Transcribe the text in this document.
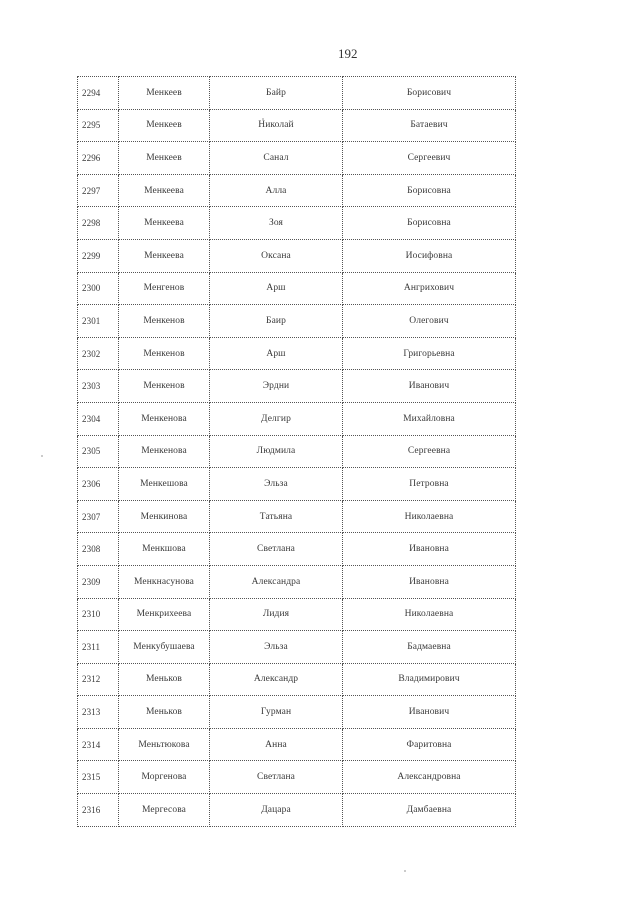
192
2294	Менкеев	Байр	Борисович
2295	Менкеев	Николай	Батаевич
2296	Менкеев	Санал	Сергеевич
2297	Менкеева	Алла	Борисовна
2298	Менкеева	Зоя	Борисовна
2299	Менкеева	Оксана	Иосифовна
2300	Менгенов	Арш	Ангрихович
2301	Менкенов	Баир	Олегович
2302	Менкенов	Арш	Григорьевна
2303	Менкенов	Эрдни	Иванович
2304	Менкенова	Делгир	Михайловна
2305	Менкенова	Людмила	Сергеевна
2306	Менкешова	Эльза	Петровна
2307	Менкинова	Татьяна	Николаевна
2308	Менкшова	Светлана	Ивановна
2309	Менкнасунова	Александра	Ивановна
2310	Менкрихеева	Лидия	Николаевна
2311	Менкубушаева	Эльза	Бадмаевна
2312	Меньков	Александр	Владимирович
2313	Меньков	Гурман	Иванович
2314	Меньтюкова	Анна	Фаритовна
2315	Моргенова	Светлана	Александровна
2316	Мергесова	Дацара	Дамбаевна
